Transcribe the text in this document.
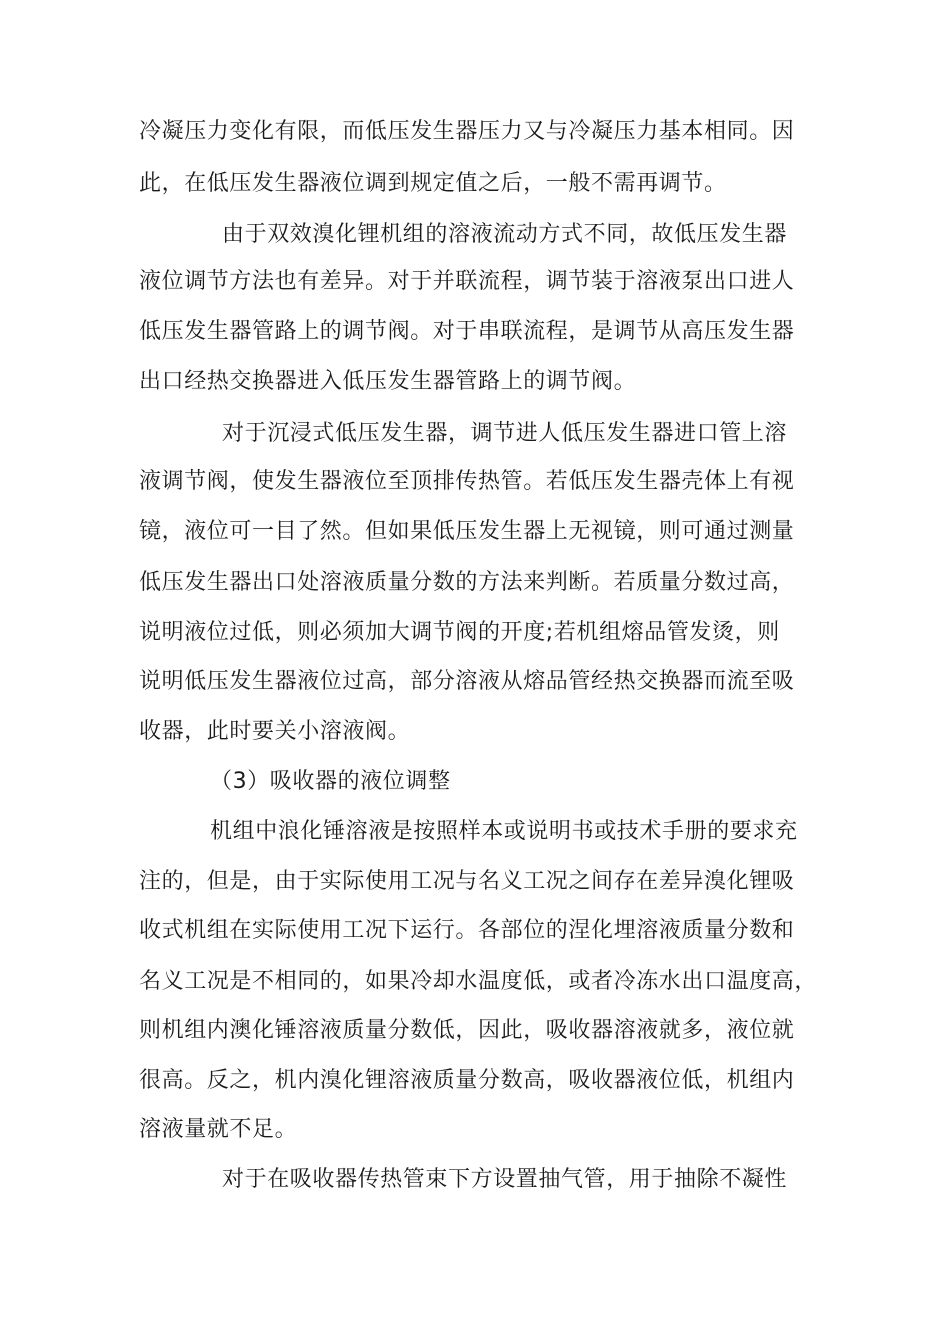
冷凝压力变化有限，而低压发生器压力又与冷凝压力基本相同。因
此，在低压发生器液位调到规定值之后，一般不需再调节。
由于双效溴化锂机组的溶液流动方式不同，故低压发生器
液位调节方法也有差异。对于并联流程，调节装于溶液泵出口进人
低压发生器管路上的调节阀。对于串联流程，是调节从高压发生器
出口经热交换器进入低压发生器管路上的调节阀。
对于沉浸式低压发生器，调节进人低压发生器进口管上溶
液调节阀，使发生器液位至顶排传热管。若低压发生器壳体上有视
镜，液位可一目了然。但如果低压发生器上无视镜，则可通过测量
低压发生器出口处溶液质量分数的方法来判断。若质量分数过高，
说明液位过低，则必须加大调节阀的开度;若机组熔品管发烫，则
说明低压发生器液位过高，部分溶液从熔品管经热交换器而流至吸
收器，此时要关小溶液阀。
（3）吸收器的液位调整
机组中浪化锤溶液是按照样本或说明书或技术手册的要求充
注的，但是，由于实际使用工况与名义工况之间存在差异溴化锂吸
收式机组在实际使用工况下运行。各部位的涅化埋溶液质量分数和
名义工况是不相同的，如果冷却水温度低，或者冷冻水出口温度高，
则机组内澳化锤溶液质量分数低，因此，吸收器溶液就多，液位就
很高。反之，机内溴化锂溶液质量分数高，吸收器液位低，机组内
溶液量就不足。
对于在吸收器传热管束下方设置抽气管，用于抽除不凝性
